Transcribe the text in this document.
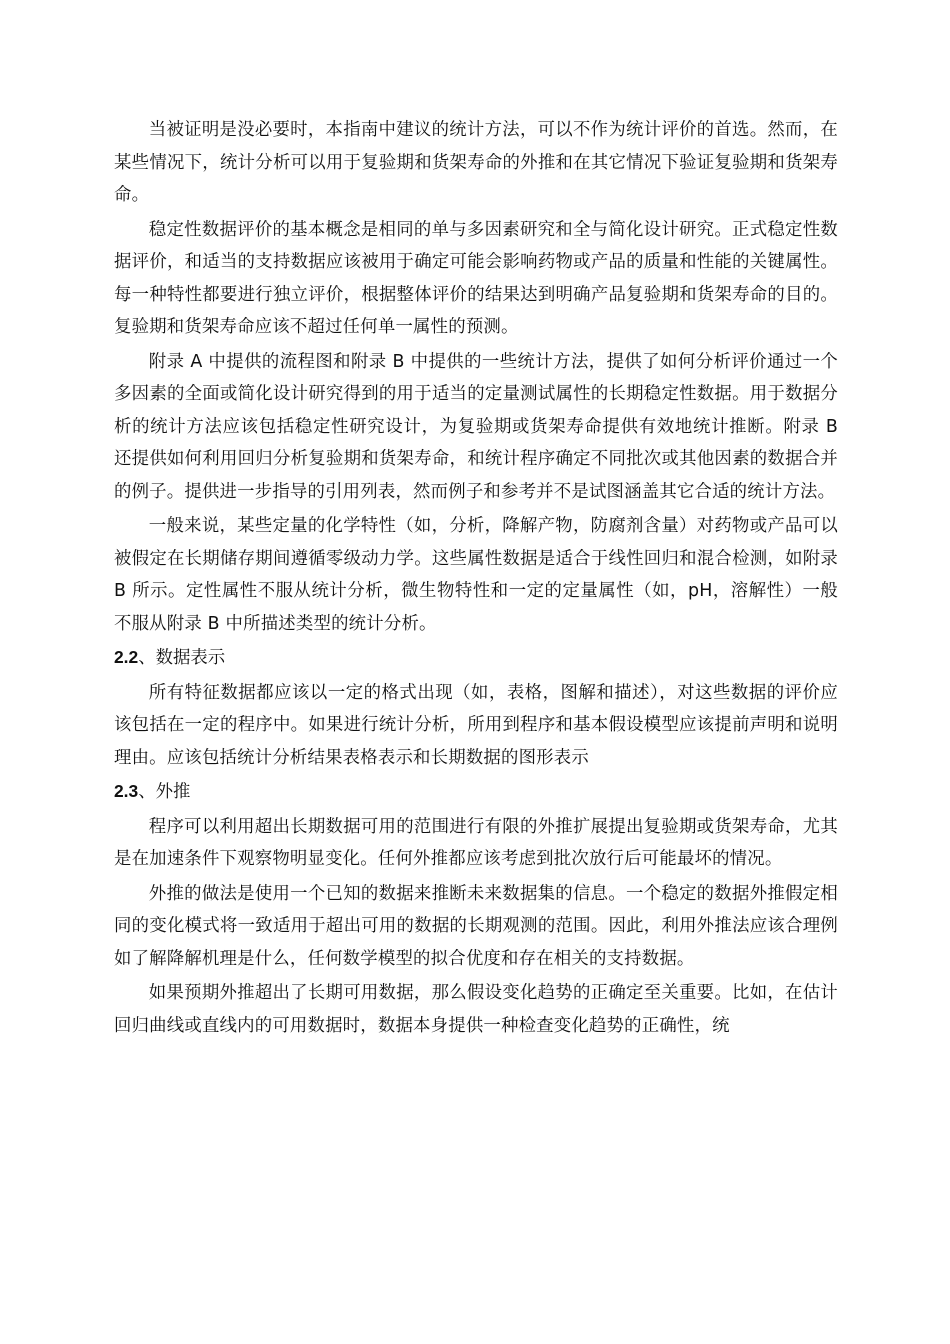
当被证明是没必要时，本指南中建议的统计方法，可以不作为统计评价的首选。然而，在某些情况下，统计分析可以用于复验期和货架寿命的外推和在其它情况下验证复验期和货架寿命。

稳定性数据评价的基本概念是相同的单与多因素研究和全与简化设计研究。正式稳定性数据评价，和适当的支持数据应该被用于确定可能会影响药物或产品的质量和性能的关键属性。每一种特性都要进行独立评价，根据整体评价的结果达到明确产品复验期和货架寿命的目的。复验期和货架寿命应该不超过任何单一属性的预测。

附录 A 中提供的流程图和附录 B 中提供的一些统计方法，提供了如何分析评价通过一个多因素的全面或简化设计研究得到的用于适当的定量测试属性的长期稳定性数据。用于数据分析的统计方法应该包括稳定性研究设计，为复验期或货架寿命提供有效地统计推断。附录 B 还提供如何利用回归分析复验期和货架寿命，和统计程序确定不同批次或其他因素的数据合并的例子。提供进一步指导的引用列表，然而例子和参考并不是试图涵盖其它合适的统计方法。

一般来说，某些定量的化学特性（如，分析，降解产物，防腐剂含量）对药物或产品可以被假定在长期储存期间遵循零级动力学。这些属性数据是适合于线性回归和混合检测，如附录 B 所示。定性属性不服从统计分析，微生物特性和一定的定量属性（如，pH，溶解性）一般不服从附录 B 中所描述类型的统计分析。

2.2、数据表示

所有特征数据都应该以一定的格式出现（如，表格，图解和描述），对这些数据的评价应该包括在一定的程序中。如果进行统计分析，所用到程序和基本假设模型应该提前声明和说明理由。应该包括统计分析结果表格表示和长期数据的图形表示

2.3、外推

程序可以利用超出长期数据可用的范围进行有限的外推扩展提出复验期或货架寿命，尤其是在加速条件下观察物明显变化。任何外推都应该考虑到批次放行后可能最坏的情况。

外推的做法是使用一个已知的数据来推断未来数据集的信息。一个稳定的数据外推假定相同的变化模式将一致适用于超出可用的数据的长期观测的范围。因此，利用外推法应该合理例如了解降解机理是什么，任何数学模型的拟合优度和存在相关的支持数据。

如果预期外推超出了长期可用数据，那么假设变化趋势的正确定至关重要。比如，在估计回归曲线或直线内的可用数据时，数据本身提供一种检查变化趋势的正确性，统
